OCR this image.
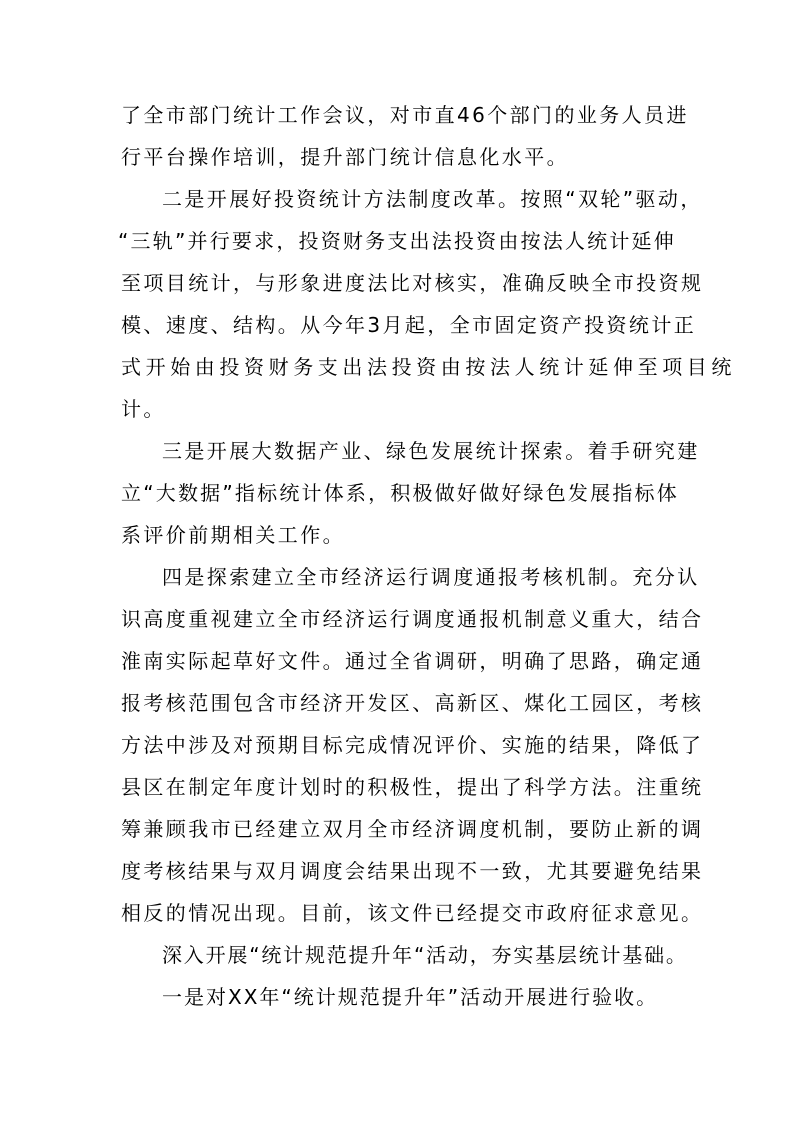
了全市部门统计工作会议，对市直46个部门的业务人员进
行平台操作培训，提升部门统计信息化水平。
二是开展好投资统计方法制度改革。按照“双轮”驱动，
“三轨”并行要求，投资财务支出法投资由按法人统计延伸
至项目统计，与形象进度法比对核实，准确反映全市投资规
模、速度、结构。从今年3月起，全市固定资产投资统计正
式开始由投资财务支出法投资由按法人统计延伸至项目统
计。
三是开展大数据产业、绿色发展统计探索。着手研究建
立“大数据”指标统计体系，积极做好做好绿色发展指标体
系评价前期相关工作。
四是探索建立全市经济运行调度通报考核机制。充分认
识高度重视建立全市经济运行调度通报机制意义重大，结合
淮南实际起草好文件。通过全省调研，明确了思路，确定通
报考核范围包含市经济开发区、高新区、煤化工园区，考核
方法中涉及对预期目标完成情况评价、实施的结果，降低了
县区在制定年度计划时的积极性，提出了科学方法。注重统
筹兼顾我市已经建立双月全市经济调度机制，要防止新的调
度考核结果与双月调度会结果出现不一致，尤其要避免结果
相反的情况出现。目前，该文件已经提交市政府征求意见。
深入开展“统计规范提升年“活动，夯实基层统计基础。
一是对XX年“统计规范提升年”活动开展进行验收。
